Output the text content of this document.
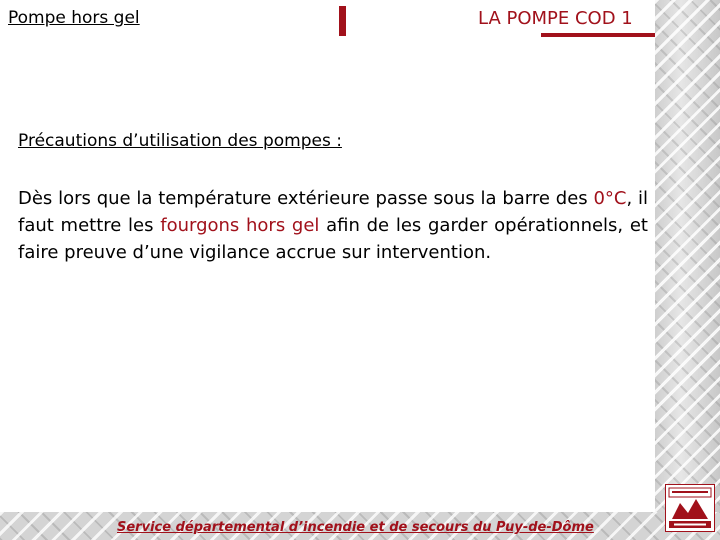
Pompe hors gel	LA POMPE COD 1
Précautions d’utilisation des pompes :
Dès lors que la température extérieure passe sous la barre des 0°C, il faut mettre les fourgons hors gel afin de les garder opérationnels, et faire preuve d’une vigilance accrue sur intervention.
Service départemental d’incendie et de secours du Puy-de-Dôme
